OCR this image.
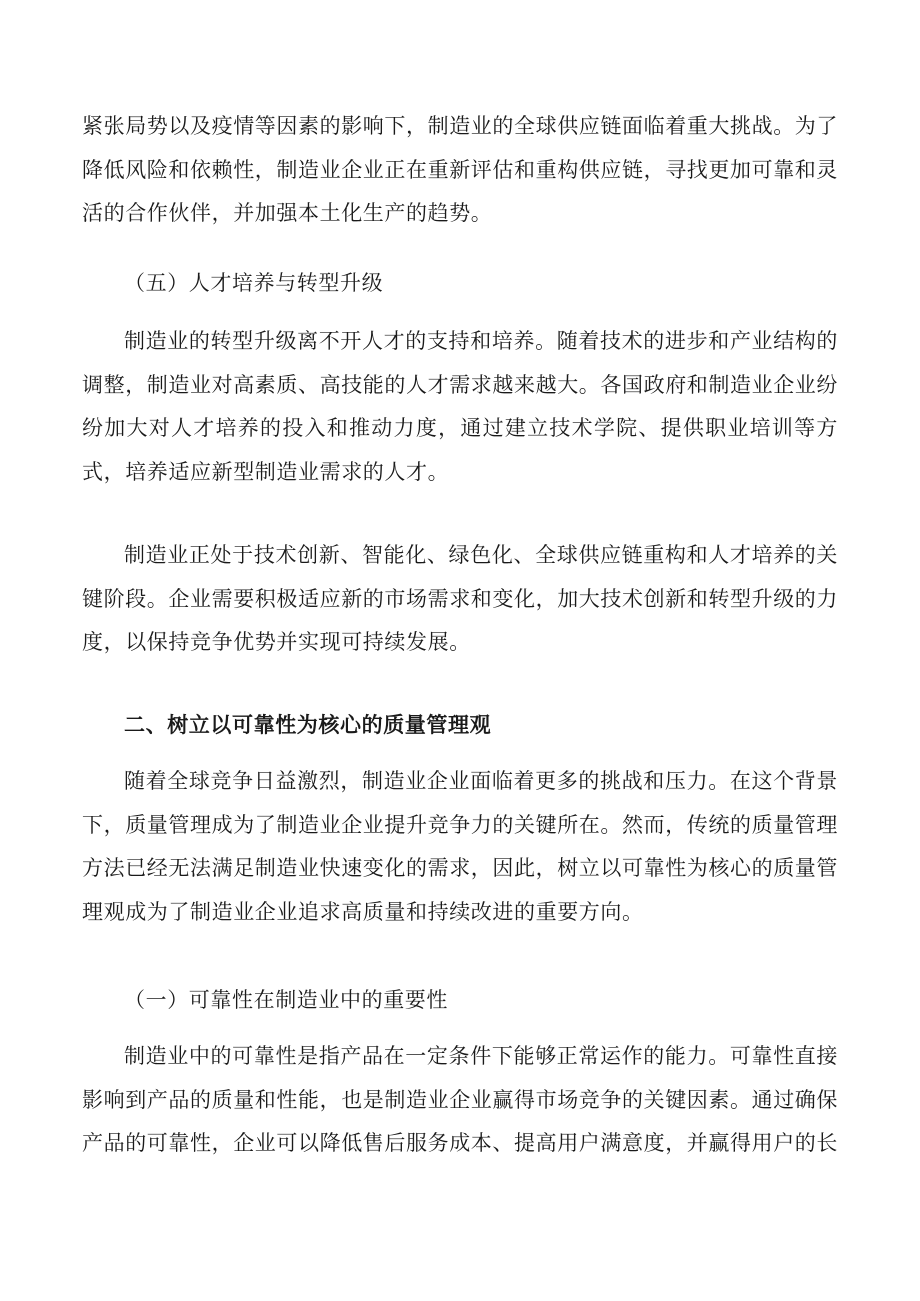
紧张局势以及疫情等因素的影响下，制造业的全球供应链面临着重大挑战。为了降低风险和依赖性，制造业企业正在重新评估和重构供应链，寻找更加可靠和灵活的合作伙伴，并加强本土化生产的趋势。

（五）人才培养与转型升级

制造业的转型升级离不开人才的支持和培养。随着技术的进步和产业结构的调整，制造业对高素质、高技能的人才需求越来越大。各国政府和制造业企业纷纷加大对人才培养的投入和推动力度，通过建立技术学院、提供职业培训等方式，培养适应新型制造业需求的人才。

制造业正处于技术创新、智能化、绿色化、全球供应链重构和人才培养的关键阶段。企业需要积极适应新的市场需求和变化，加大技术创新和转型升级的力度，以保持竞争优势并实现可持续发展。

二、树立以可靠性为核心的质量管理观

随着全球竞争日益激烈，制造业企业面临着更多的挑战和压力。在这个背景下，质量管理成为了制造业企业提升竞争力的关键所在。然而，传统的质量管理方法已经无法满足制造业快速变化的需求，因此，树立以可靠性为核心的质量管理观成为了制造业企业追求高质量和持续改进的重要方向。

（一）可靠性在制造业中的重要性

制造业中的可靠性是指产品在一定条件下能够正常运作的能力。可靠性直接影响到产品的质量和性能，也是制造业企业赢得市场竞争的关键因素。通过确保产品的可靠性，企业可以降低售后服务成本、提高用户满意度，并赢得用户的长
